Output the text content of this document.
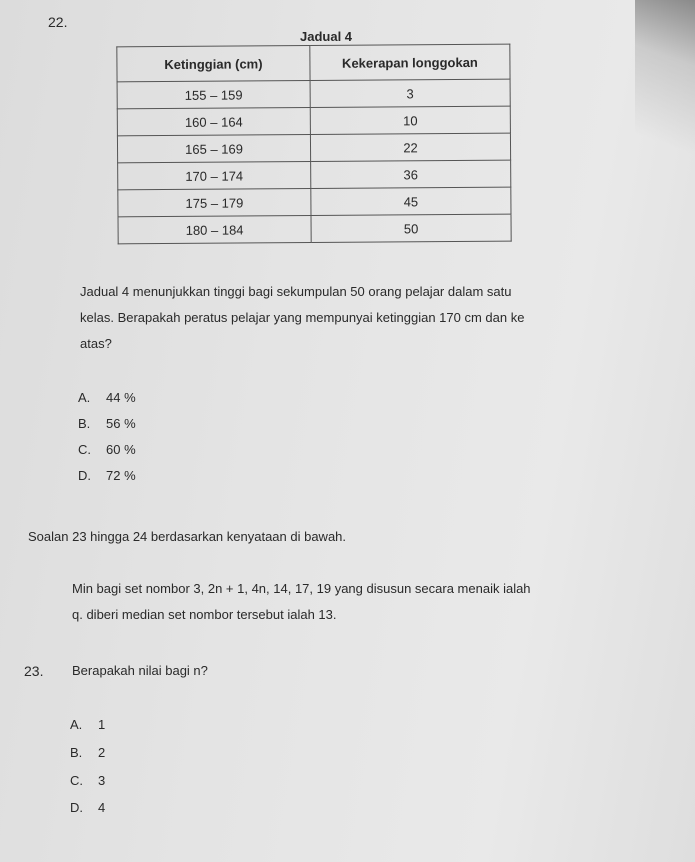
22.
Jadual 4
Ketinggian (cm)	Kekerapan longgokan
155 – 159	3
160 – 164	10
165 – 169	22
170 – 174	36
175 – 179	45
180 – 184	50
Jadual 4 menunjukkan tinggi bagi sekumpulan 50 orang pelajar dalam satu
kelas. Berapakah peratus pelajar yang mempunyai ketinggian 170 cm dan ke
atas?
A. 44 %
B. 56 %
C. 60 %
D. 72 %
Soalan 23 hingga 24 berdasarkan kenyataan di bawah.
Min bagi set nombor 3, 2n + 1, 4n, 14, 17, 19 yang disusun secara menaik ialah
q. diberi median set nombor tersebut ialah 13.
23. Berapakah nilai bagi n?
A. 1
B. 2
C. 3
D. 4
